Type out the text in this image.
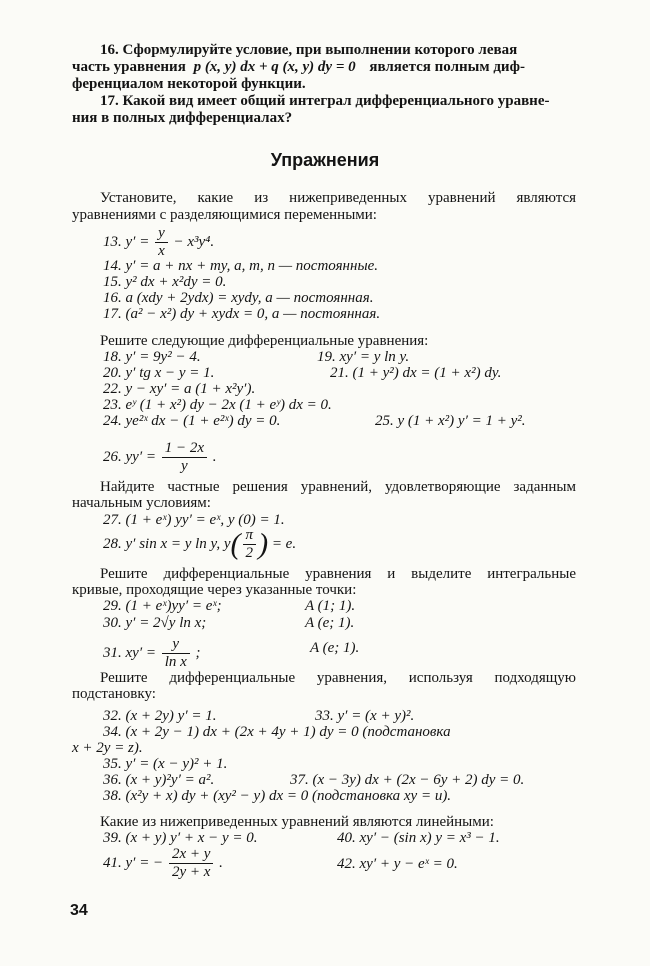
16. Сформулируйте условие, при выполнении которого левая
часть уравнения p (x, y) dx + q (x, y) dy = 0 является полным диф-
ференциалом некоторой функции.
17. Какой вид имеет общий интеграл дифференциального уравне-
ния в полных дифференциалах?
Упражнения
Установите, какие из нижеприведенных уравнений являются
уравнениями с разделяющимися переменными:
13. $y' = \frac{y}{x} - x^3y^4$.
14. y′ = a + nx + my, a, m, n — постоянные.
15. y² dx + x²dy = 0.
16. a (xdy + 2ydx) = xydy, a — постоянная.
17. (a² − x²) dy + xydx = 0, a — постоянная.
Решите следующие дифференциальные уравнения:
18. y′ = 9y² − 4.	19. xy′ = y ln y.
20. y′ tg x − y = 1.	21. (1 + y²) dx = (1 + x²) dy.
22. y − xy′ = a (1 + x²y′).
23. eʸ (1 + x²) dy − 2x (1 + eʸ) dx = 0.
24. ye²ˣ dx − (1 + e²ˣ) dy = 0.	25. y (1 + x²) y′ = 1 + y².
26. $yy' = \frac{1 - 2x}{y}$ .
Найдите частные решения уравнений, удовлетворяющие заданным
начальным условиям:
27. (1 + eˣ) yy′ = eˣ, y (0) = 1.
28. y′ sin x = y ln y, $y( \frac{\pi}{2}$ ) = e.
Решите дифференциальные уравнения и выделите интегральные
кривые, проходящие через указанные точки:
29. (1 + eˣ)yy′ = eˣ;	A (1; 1).
30. y′ = 2√y ln x;	A (e; 1).
31. $xy' = \frac{y}{\text{ln x}}$ ;	A (e; 1).
Решите дифференциальные уравнения, используя подходящую
подстановку:
32. (x + 2y) y′ = 1.	33. y′ = (x + y)².
34. (x + 2y − 1) dx + (2x + 4y + 1) dy = 0 (подстановка
x + 2y = z).
35. y′ = (x − y)² + 1.
36. (x + y)²y′ = a².	37. (x − 3y) dx + (2x − 6y + 2) dy = 0.
38. (x²y + x) dy + (xy² − y) dx = 0 (подстановка xy = u).
Какие из нижеприведенных уравнений являются линейными:
39. (x + y) y′ + x − y = 0.	40. xy′ − (sin x) y = x³ − 1.
41. y′ = − $\frac{2x + y}{2y + x}$ .	42. xy′ + y − eˣ = 0.
34
